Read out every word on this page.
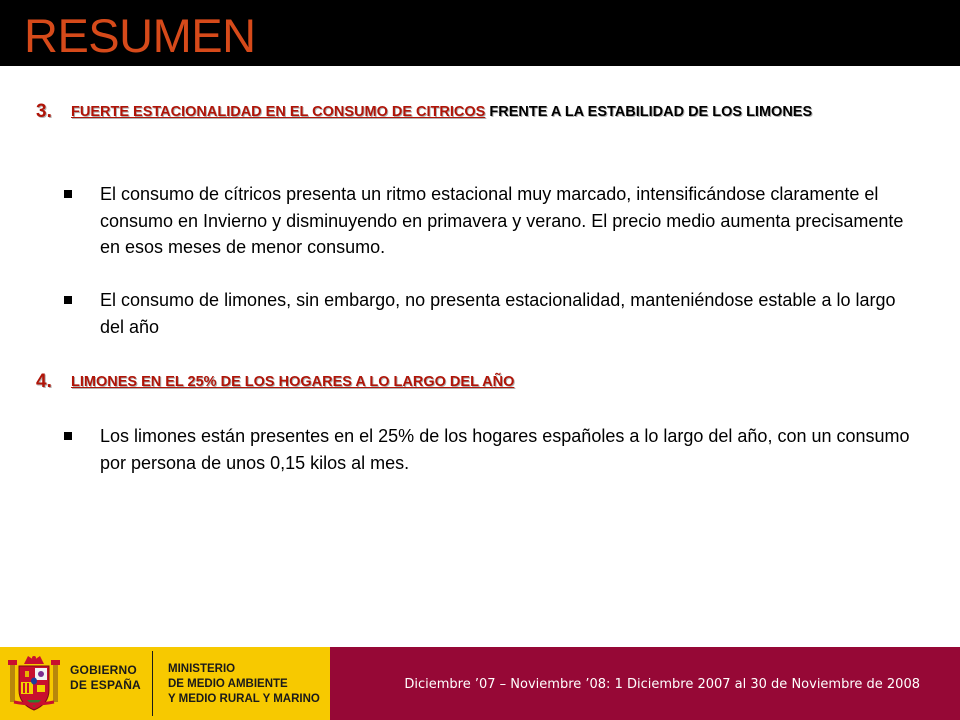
RESUMEN
3.	FUERTE ESTACIONALIDAD EN EL CONSUMO DE CITRICOS FRENTE A LA ESTABILIDAD DE LOS LIMONES
El consumo de cítricos presenta un ritmo estacional muy marcado, intensificándose claramente el consumo en Invierno y disminuyendo en primavera y verano. El precio medio aumenta precisamente en esos meses de menor consumo.
El consumo de limones, sin embargo, no presenta estacionalidad, manteniéndose estable a lo largo del año
4.	LIMONES EN EL 25% DE LOS HOGARES A LO LARGO DEL AÑO
Los limones están presentes en el 25% de los hogares españoles a lo largo del año, con un consumo por persona de unos 0,15 kilos al mes.
GOBIERNO
DE ESPAÑA
MINISTERIO
DE MEDIO AMBIENTE
Y MEDIO RURAL Y MARINO
Diciembre ’07 – Noviembre ’08: 1 Diciembre 2007 al 30 de Noviembre de 2008
